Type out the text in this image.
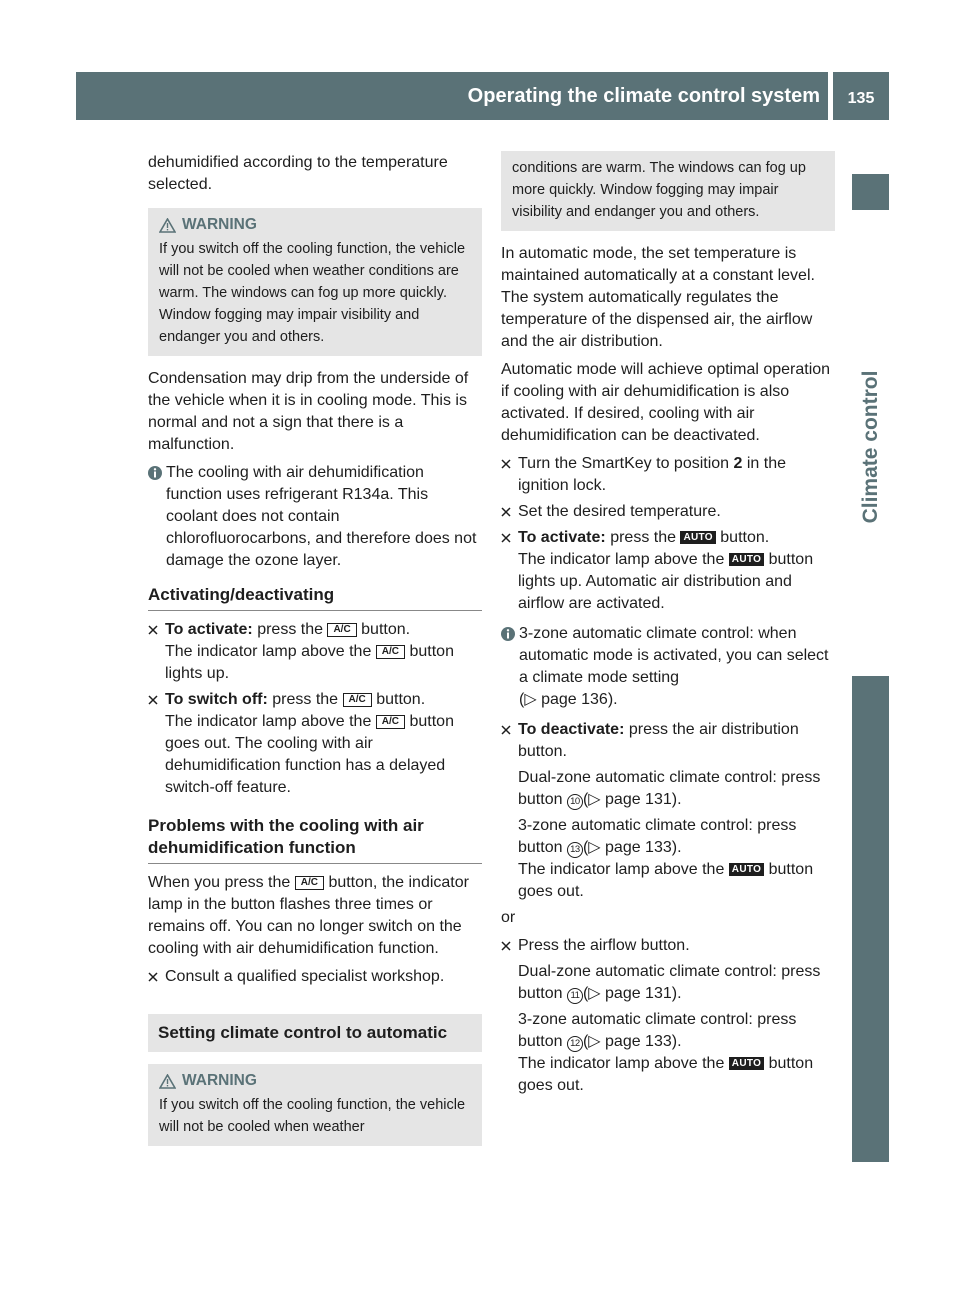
Operating the climate control system	135
Climate control

dehumidified according to the temperature selected.

WARNING
If you switch off the cooling function, the vehicle will not be cooled when weather conditions are warm. The windows can fog up more quickly. Window fogging may impair visibility and endanger you and others.

Condensation may drip from the underside of the vehicle when it is in cooling mode. This is normal and not a sign that there is a malfunction.

The cooling with air dehumidification function uses refrigerant R134a. This coolant does not contain chlorofluorocarbons, and therefore does not damage the ozone layer.
Activating/deactivating
To activate: press the A/C button.
The indicator lamp above the A/C button lights up.
To switch off: press the A/C button.
The indicator lamp above the A/C button goes out. The cooling with air dehumidification function has a delayed switch-off feature.
Problems with the cooling with air dehumidification function

When you press the A/C button, the indicator lamp in the button flashes three times or remains off. You can no longer switch on the cooling with air dehumidification function.

Consult a qualified specialist workshop.
Setting climate control to automatic
WARNING
If you switch off the cooling function, the vehicle will not be cooled when weather
conditions are warm. The windows can fog up more quickly. Window fogging may impair visibility and endanger you and others.

In automatic mode, the set temperature is maintained automatically at a constant level. The system automatically regulates the temperature of the dispensed air, the airflow and the air distribution.

Automatic mode will achieve optimal operation if cooling with air dehumidification is also activated. If desired, cooling with air dehumidification can be deactivated.

Turn the SmartKey to position 2 in the ignition lock.
Set the desired temperature.
To activate: press the AUTO button.
The indicator lamp above the AUTO button lights up. Automatic air distribution and airflow are activated.
3-zone automatic climate control: when automatic mode is activated, you can select a climate mode setting
(▷ page 136).
To deactivate: press the air distribution button.
Dual-zone automatic climate control: press button 10 (▷ page 131).
3-zone automatic climate control: press button 13 (▷ page 133).
The indicator lamp above the AUTO button goes out.

or

Press the airflow button.
Dual-zone automatic climate control: press button 11 (▷ page 131).
3-zone automatic climate control: press button 12 (▷ page 133).
The indicator lamp above the AUTO button goes out.
